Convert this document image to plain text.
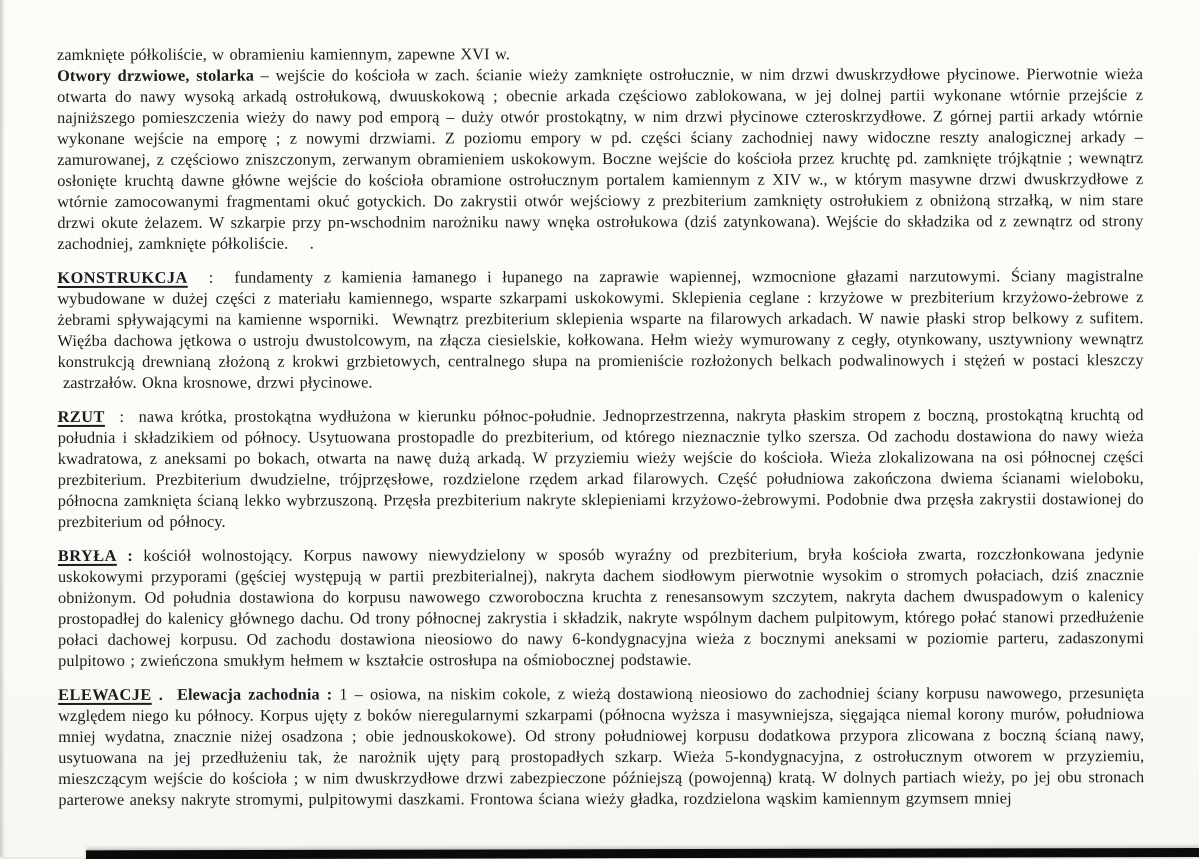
zamknięte półkoliście, w obramieniu kamiennym, zapewne XVI w.

Otwory drzwiowe, stolarka – wejście do kościoła w zach. ścianie wieży zamknięte ostrołucznie, w nim drzwi dwuskrzydłowe płycinowe. Pierwotnie wieża otwarta do nawy wysoką arkadą ostrołukową, dwuuskokową ; obecnie arkada częściowo zablokowana, w jej dolnej partii wykonane wtórnie przejście z najniższego pomieszczenia wieży do nawy pod emporą – duży otwór prostokątny, w nim drzwi płycinowe czteroskrzydłowe. Z górnej partii arkady wtórnie wykonane wejście na emporę ; z nowymi drzwiami. Z poziomu empory w pd. części ściany zachodniej nawy widoczne reszty analogicznej arkady – zamurowanej, z częściowo zniszczonym, zerwanym obramieniem uskokowym. Boczne wejście do kościoła przez kruchtę pd. zamknięte trójkątnie ; wewnątrz osłonięte kruchtą dawne główne wejście do kościoła obramione ostrołucznym portalem kamiennym z XIV w., w którym masywne drzwi dwuskrzydłowe z wtórnie zamocowanymi fragmentami okuć gotyckich. Do zakrystii otwór wejściowy z prezbiterium zamknięty ostrołukiem z obniżoną strzałką, w nim stare drzwi okute żelazem. W szkarpie przy pn-wschodnim narożniku nawy wnęka ostrołukowa (dziś zatynkowana). Wejście do składzika od z zewnątrz od strony zachodniej, zamknięte półkoliście.    .

KONSTRUKCJA  :  fundamenty z kamienia łamanego i łupanego na zaprawie wapiennej, wzmocnione głazami narzutowymi. Ściany magistralne wybudowane w dużej części z materiału kamiennego, wsparte szkarpami uskokowymi. Sklepienia ceglane : krzyżowe w prezbiterium krzyżowo-żebrowe z żebrami spływającymi na kamienne wsporniki.  Wewnątrz prezbiterium sklepienia wsparte na filarowych arkadach. W nawie płaski strop belkowy z sufitem. Więźba dachowa jętkowa o ustroju dwustolcowym, na złącza ciesielskie, kołkowana. Hełm wieży wymurowany z cegły, otynkowany, usztywniony wewnątrz konstrukcją drewnianą złożoną z krokwi grzbietowych, centralnego słupa na promieniście rozłożonych belkach podwalinowych i stężeń w postaci kleszczy  zastrzałów. Okna krosnowe, drzwi płycinowe.

RZUT  :  nawa krótka, prostokątna wydłużona w kierunku północ-południe. Jednoprzestrzenna, nakryta płaskim stropem z boczną, prostokątną kruchtą od południa i składzikiem od północy. Usytuowana prostopadle do prezbiterium, od którego nieznacznie tylko szersza. Od zachodu dostawiona do nawy wieża kwadratowa, z aneksami po bokach, otwarta na nawę dużą arkadą. W przyziemiu wieży wejście do kościoła. Wieża zlokalizowana na osi północnej części prezbiterium. Prezbiterium dwudzielne, trójprzęsłowe, rozdzielone rzędem arkad filarowych. Część południowa zakończona dwiema ścianami wieloboku, północna zamknięta ścianą lekko wybrzuszoną. Przęsła prezbiterium nakryte sklepieniami krzyżowo-żebrowymi. Podobnie dwa przęsła zakrystii dostawionej do prezbiterium od północy.

BRYŁA : kościół wolnostojący. Korpus nawowy niewydzielony w sposób wyraźny od prezbiterium, bryła kościoła zwarta, rozczłonkowana jedynie uskokowymi przyporami (gęściej występują w partii prezbiterialnej), nakryta dachem siodłowym pierwotnie wysokim o stromych połaciach, dziś znacznie obniżonym. Od południa dostawiona do korpusu nawowego czworoboczna kruchta z renesansowym szczytem, nakryta dachem dwuspadowym o kalenicy prostopadłej do kalenicy głównego dachu. Od trony północnej zakrystia i składzik, nakryte wspólnym dachem pulpitowym, którego połać stanowi przedłużenie połaci dachowej korpusu. Od zachodu dostawiona nieosiowo do nawy 6-kondygnacyjna wieża z bocznymi aneksami w poziomie parteru, zadaszonymi pulpitowo ; zwieńczona smukłym hełmem w kształcie ostrosłupa na ośmiobocznej podstawie.

ELEWACJE .  Elewacja zachodnia : 1 – osiowa, na niskim cokole, z wieżą dostawioną nieosiowo do zachodniej ściany korpusu nawowego, przesunięta względem niego ku północy. Korpus ujęty z boków nieregularnymi szkarpami (północna wyższa i masywniejsza, sięgająca niemal korony murów, południowa mniej wydatna, znacznie niżej osadzona ; obie jednouskokowe). Od strony południowej korpusu dodatkowa przypora zlicowana z boczną ścianą nawy, usytuowana na jej przedłużeniu tak, że narożnik ujęty parą prostopadłych szkarp. Wieża 5-kondygnacyjna, z ostrołucznym otworem w przyziemiu, mieszczącym wejście do kościoła ; w nim dwuskrzydłowe drzwi zabezpieczone późniejszą (powojenną) kratą. W dolnych partiach wieży, po jej obu stronach parterowe aneksy nakryte stromymi, pulpitowymi daszkami. Frontowa ściana wieży gładka, rozdzielona wąskim kamiennym gzymsem mniej
